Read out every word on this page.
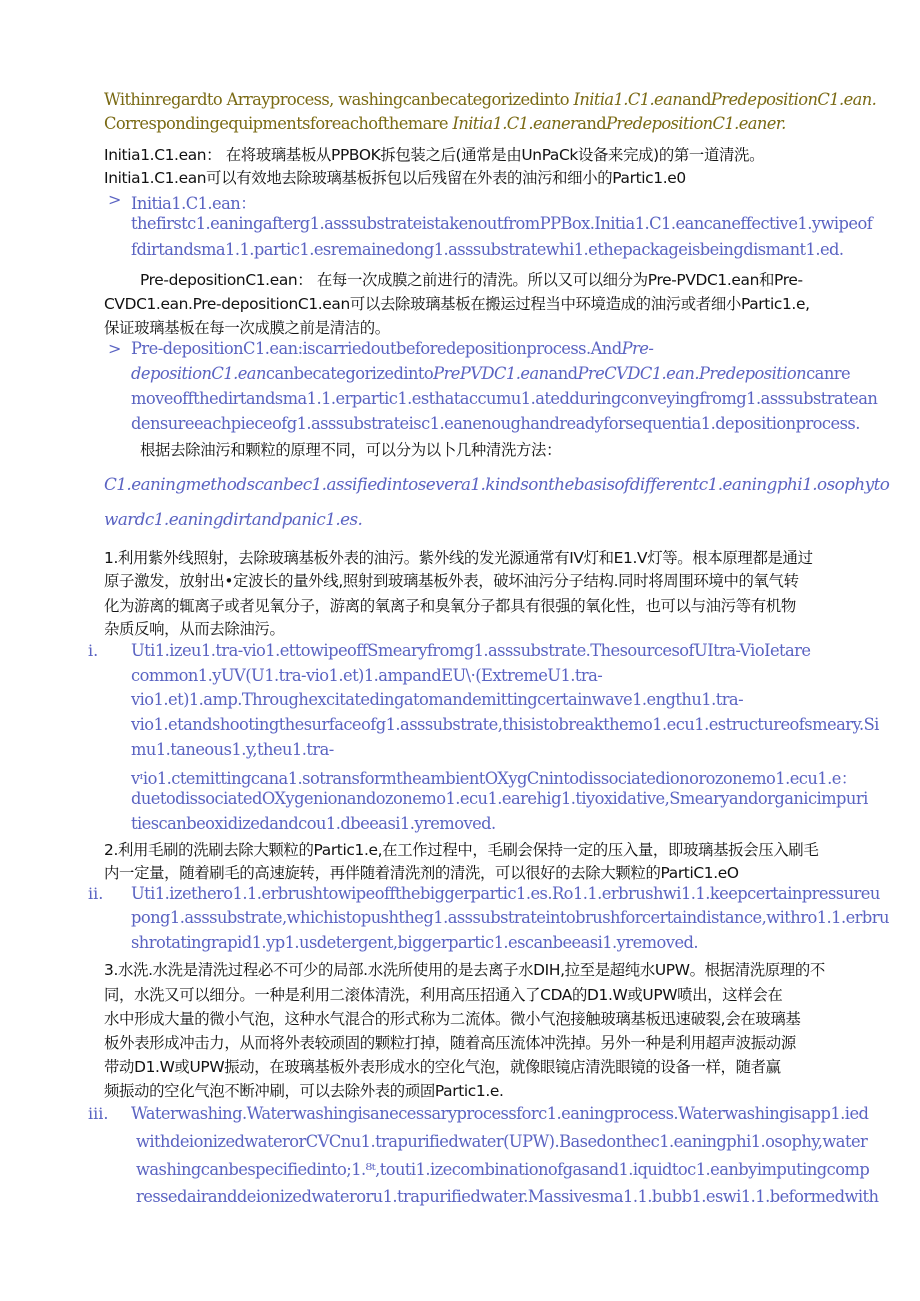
Withinregardto Arrayprocess, washingcanbecategorizedinto Initia1.C1.eanandPredepositionC1.ean.
Correspondingequipmentsforeachofthemare Initia1.C1.eanerandPredepositionC1.eaner.
Initia1.C1.ean： 在将玻璃基板从PPBOK拆包装之后(通常是由UnPaCk设备来完成)的第一道清洗。
Initia1.C1.ean可以有效地去除玻璃基板拆包以后残留在外表的油污和细小的Partic1.e0
> Initia1.C1.ean：
thefirstc1.eaningafterg1.asssubstrateistakenoutfromPPBox.Initia1.C1.eancaneffective1.ywipeof
fdirtandsma1.1.partic1.esremainedong1.asssubstratewhi1.ethepackageisbeingdismant1.ed.
Pre-depositionC1.ean： 在每一次成膜之前进行的清洗。所以又可以细分为Pre-PVDC1.ean和Pre-
CVDC1.ean.Pre-depositionC1.ean可以去除玻璃基板在搬运过程当中环境造成的油污或者细小Partic1.e,
保证玻璃基板在每一次成膜之前是清洁的。
> Pre-depositionC1.ean:iscarriedoutbeforedepositionprocess.AndPre-
depositionC1.eancanbecategorizedintoPrePVDC1.eanandPreCVDC1.ean.Predepositioncanre
moveoffthedirtandsma1.1.erpartic1.esthataccumu1.atedduringconveyingfromg1.asssubstratean
densureeachpieceofg1.asssubstrateisc1.eanenoughandreadyforsequentia1.depositionprocess.
根据去除油污和颗粒的原理不同，可以分为以卜几种清洗方法：
C1.eaningmethodscanbec1.assifiedintosevera1.kindsonthebasisofdifferentc1.eaningphi1.osophyto
wardc1.eaningdirtandpanic1.es.
1.利用紫外线照射，去除玻璃基板外表的油污。紫外线的发光源通常有IV灯和E1.V灯等。根本原理都是通过
原子激发，放射出•定波长的量外线,照射到玻璃基板外表，破坏油污分子结构.同时将周围环境中的氧气转
化为游离的辄离子或者见氧分子，游离的氧离子和臭氧分子都具有很强的氧化性，也可以与油污等有机物
杂质反响，从而去除油污。
i. Uti1.izeu1.tra-vio1.ettowipeoffSmearyfromg1.asssubstrate.ThesourcesofUItra-VioIetare
common1.yUV(U1.tra-vio1.et)1.ampandEU\·(ExtremeU1.tra-
vio1.et)1.amp.Throughexcitatedingatomandemittingcertainwave1.engthu1.tra-
vio1.etandshootingthesurfaceofg1.asssubstrate,thisistobreakthemo1.ecu1.estructureofsmeary.Si
mu1.taneous1.y,theu1.tra-
vᶦio1.ctemittingcana1.sotransformtheambientOXygCnintodissociatedionorozonemo1.ecu1.e：
duetodissociatedOXygenionandozonemo1.ecu1.earehig1.tiyoxidative,Smearyandorganicimpuri
tiescanbeoxidizedandcou1.dbeeasi1.yremoved.
2.利用毛刷的洗刷去除大颗粒的Partic1.e,在工作过程中，毛刷会保持一定的压入量，即玻璃基扳会压入刷毛
内一定量，随着刷毛的高速旋转，再伴随着清洗剂的清洗，可以很好的去除大颗粒的PartiC1.eO
ii. Uti1.izethero1.1.erbrushtowipeoffthebiggerpartic1.es.Ro1.1.erbrushwi1.1.keepcertainpressureu
pong1.asssubstrate,whichistopushtheg1.asssubstrateintobrushforcertaindistance,withro1.1.erbru
shrotatingrapid1.yp1.usdetergent,biggerpartic1.escanbeeasi1.yremoved.
3.水洗.水洗是清洗过程必不可少的局部.水洗所使用的是去离子水DIH,拉至是超纯水UPW。根据清洗原理的不
同，水洗又可以细分。一种是利用二滚体清洗，利用高压招通入了CDA的D1.W或UPW喷出，这样会在
水中形成大量的微小气泡，这种水气混合的形式称为二流体。微小气泡接触玻璃基板迅速破裂,会在玻璃基
板外表形成冲击力，从而将外表较顽固的颗粒打掉，随着高压流体冲洗掉。另外一种是利用超声波振动源
带动D1.W或UPW振动，在玻璃基板外表形成水的空化气泡，就像眼镜店清洗眼镜的设备一样，随者赢
频振动的空化气泡不断冲刷，可以去除外表的顽固Partic1.e.
iii. Waterwashing.Waterwashingisanecessaryprocessforc1.eaningprocess.Waterwashingisapp1.ied
withdeionizedwaterorCVCnu1.trapurifiedwater(UPW).Basedonthec1.eaningphi1.osophy,water
washingcanbespecifiedinto;1.⁸ᵗ,touti1.izecombinationofgasand1.iquidtoc1.eanbyimputingcomp
ressedairanddeionizedwateroru1.trapurifiedwater.Massivesma1.1.bubb1.eswi1.1.beformedwith
